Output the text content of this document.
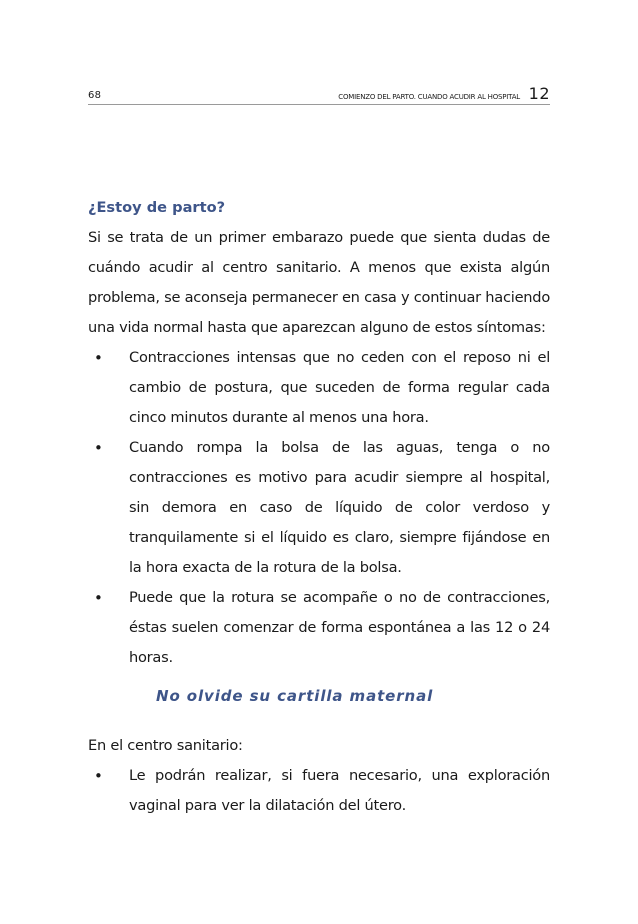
68	COMIENZO DEL PARTO. CUANDO ACUDIR AL HOSPITAL 12
¿Estoy de parto?
Si se trata de un primer embarazo puede que sienta dudas de cuándo acudir al centro sanitario. A menos que exista algún problema, se aconseja permanecer en casa y continuar haciendo una vida normal hasta que aparezcan alguno de estos síntomas:
• Contracciones intensas que no ceden con el reposo ni el cambio de postura, que suceden de forma regular cada cinco minutos durante al menos una hora.
• Cuando rompa la bolsa de las aguas, tenga o no contracciones es motivo para acudir siempre al hospital, sin demora en caso de líquido de color verdoso y tranquilamente si el líquido es claro, siempre fijándose en la hora exacta de la rotura de la bolsa.
• Puede que la rotura se acompañe o no de contracciones, éstas suelen comenzar de forma espontánea a las 12 o 24 horas.
No olvide su cartilla maternal
En el centro sanitario:
• Le podrán realizar, si fuera necesario, una exploración vaginal para ver la dilatación del útero.
